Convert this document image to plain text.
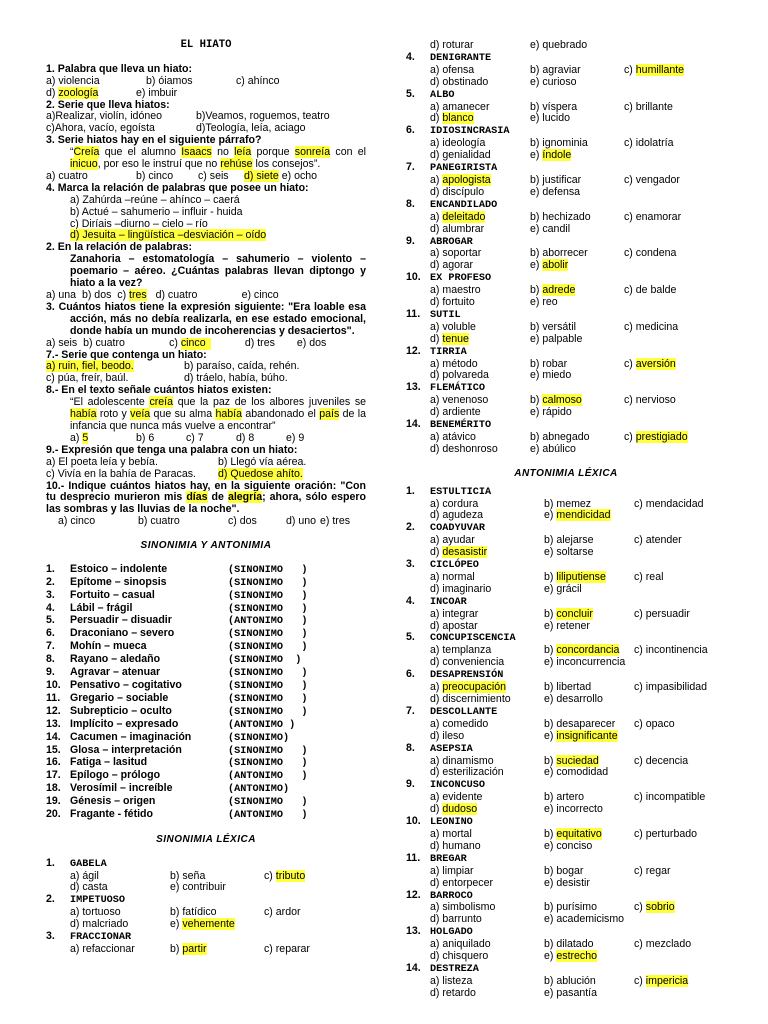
EL HIATO

1. Palabra que lleva un hiato:
a) violencia	b) óiamos	c) ahínco
d) zoología	e) imbuir
2. Serie que lleva hiatos:
a)Realizar, violín, idóneo	b)Veamos, roguemos, teatro
c)Ahora, vacío, egoísta	d)Teología, leía, aciago
3. Serie hiatos hay en el siguiente párrafo?
“Creía que el alumno Isaacs no leía porque sonreía con el inicuo, por eso le instruí que no rehúse los consejos”.
a) cuatro	b) cinco c) seis d) siete e) ocho
4. Marca la relación de palabras que posee un hiato:
a) Zahúrda –reúne – ahínco – caerá
b) Actué – sahumerio – influir - huida
c) Diríais –diurno – cielo – río
d) Jesuita – lingüística –desviación – oído
2. En la relación de palabras:
Zanahoria – estomatología – sahumerio – violento – poemario – aéreo. ¿Cuántas palabras llevan diptongo y hiato a la vez?
a) una b) dos  c) tres d) cuatro	e) cinco
3. Cuántos hiatos tiene la expresión siguiente: "Era loable esa acción, más no debía realizarla, en ese estado emocional, donde había un mundo de incoherencias y desaciertos".
a) seis b) cuatro	c) cinco	d) tres e) dos
7.- Serie que contenga un hiato:
a) ruin, fiel, beodo.	b) paraíso, caída, rehén.
c) púa, freír, baúl.	d) tráelo, había, búho.
8.- En el texto señale cuántos hiatos existen:
“El adolescente creía que la paz de los albores juveniles se había roto y veía que su alma había abandonado el país de la infancia que nunca más vuelve a encontrar”
a) 5	b) 6	c) 7	d) 8	e) 9
9.- Expresión que tenga una palabra con un hiato:
a) El poeta leía y bebía.	b) Llegó vía aérea.
c) Vivía en la bahía de Paracas. d) Quedose ahíto.
10.- Indique cuántos hiatos hay, en la siguiente oración: "Con tu desprecio murieron mis días de alegría; ahora, sólo espero las sombras y las lluvias de la noche".
a) cinco	b) cuatro	c) dos	d) uno e) tres

SINONIMIA Y ANTONIMIA

1. Estoico – indolente	(SINONIMO   )
2. Epítome – sinopsis	(SINONIMO   )
3. Fortuito – casual	(SINONIMO   )
4. Lábil – frágil	(SINONIMO   )
5. Persuadir – disuadir	(ANTONIMO   )
6. Draconiano – severo	(SINONIMO   )
7. Mohín – mueca	(SINONIMO   )
8. Rayano – aledaño	(SINONIMO  )
9. Agravar – atenuar	(SINONIMO   )
10. Pensativo – cogitativo	(SINONIMO   )
11. Gregario – sociable	(SINONIMO   )
12. Subrepticio – oculto	(SINONIMO   )
13. Implícito – expresado	(ANTONIMO )
14. Cacumen – imaginación	(SINONIMO)
15. Glosa – interpretación	(SINONIMO   )
16. Fatiga – lasitud	(SINONIMO   )
17. Epílogo – prólogo	(ANTONIMO   )
18. Verosímil – increíble	(ANTONIMO)
19. Génesis – origen	(SINONIMO   )
20. Fragante - fétido	(ANTONIMO   )

SINONIMIA LÉXICA

1. GABELA
a) ágil	b) seña	c) tributo
d) casta	e) contribuir
2. IMPETUOSO
a) tortuoso	b) fatídico	c) ardor
d) malcriado	e) vehemente
3. FRACCIONAR
a) refaccionar	b) partir	c) reparar
d) roturar	e) quebrado
4. DENIGRANTE
a) ofensa	b) agraviar	c) humillante
d) obstinado	e) curioso
5. ALBO
a) amanecer	b) víspera	c) brillante
d) blanco	e) lucido
6. IDIOSINCRASIA
a) ideología	b) ignominia	c) idolatría
d) genialidad	e) índole
7. PANEGIRISTA
a) apologista	b) justificar	c) vengador
d) discípulo	e) defensa
8. ENCANDILADO
a) deleitado	b) hechizado	c) enamorar
d) alumbrar	e) candil
9. ABROGAR
a) soportar	b) aborrecer	c) condena
d) agorar	e) abolir
10. EX PROFESO
a) maestro	b) adrede	c) de balde
d) fortuito	e) reo
11. SUTIL
a) voluble	b) versátil	c) medicina
d) tenue	e) palpable
12. TIRRIA
a) método	b) robar	c) aversión
d) polvareda	e) miedo
13. FLEMÁTICO
a) venenoso	b) calmoso	c) nervioso
d) ardiente	e) rápido
14. BENEMÉRITO
a) atávico	b) abnegado	c) prestigiado
d) deshonroso	e) abúlico

ANTONIMIA LÉXICA

1. ESTULTICIA
a) cordura	b) memez	c) mendacidad
d) agudeza	e) mendicidad
2. COADYUVAR
a) ayudar	b) alejarse	c) atender
d) desasistir	e) soltarse
3. CICLÓPEO
a) normal	b) liliputiense	c) real
d) imaginario	e) grácil
4. INCOAR
a) integrar	b) concluir	c) persuadir
d) apostar	e) retener
5. CONCUPISCENCIA
a) templanza	b) concordancia c) incontinencia
d) conveniencia	e) inconcurrencia
6. DESAPRENSIÓN
a) preocupación	b) libertad	c) impasibilidad
d) discernimiento	e) desarrollo
7. DESCOLLANTE
a) comedido	b) desaparecer c) opaco
d) ileso	e) insignificante
8. ASEPSIA
a) dinamismo	b) suciedad	c) decencia
d) esterilización	e) comodidad
9. INCONCUSO
a) evidente	b) artero	c) incompatible
d) dudoso	e) incorrecto
10. LEONINO
a) mortal	b) equitativo	c) perturbado
d) humano	e) conciso
11. BREGAR
a) limpiar	b) bogar	c) regar
d) entorpecer	e) desistir
12. BARROCO
a) simbolismo	b) purísimo	c) sobrio
d) barrunto	e) academicismo
13. HOLGADO
a) aniquilado	b) dilatado	c) mezclado
d) chisquero	e) estrecho
14. DESTREZA
a) listeza	b) ablución	c) impericia
d) retardo	e) pasantía
